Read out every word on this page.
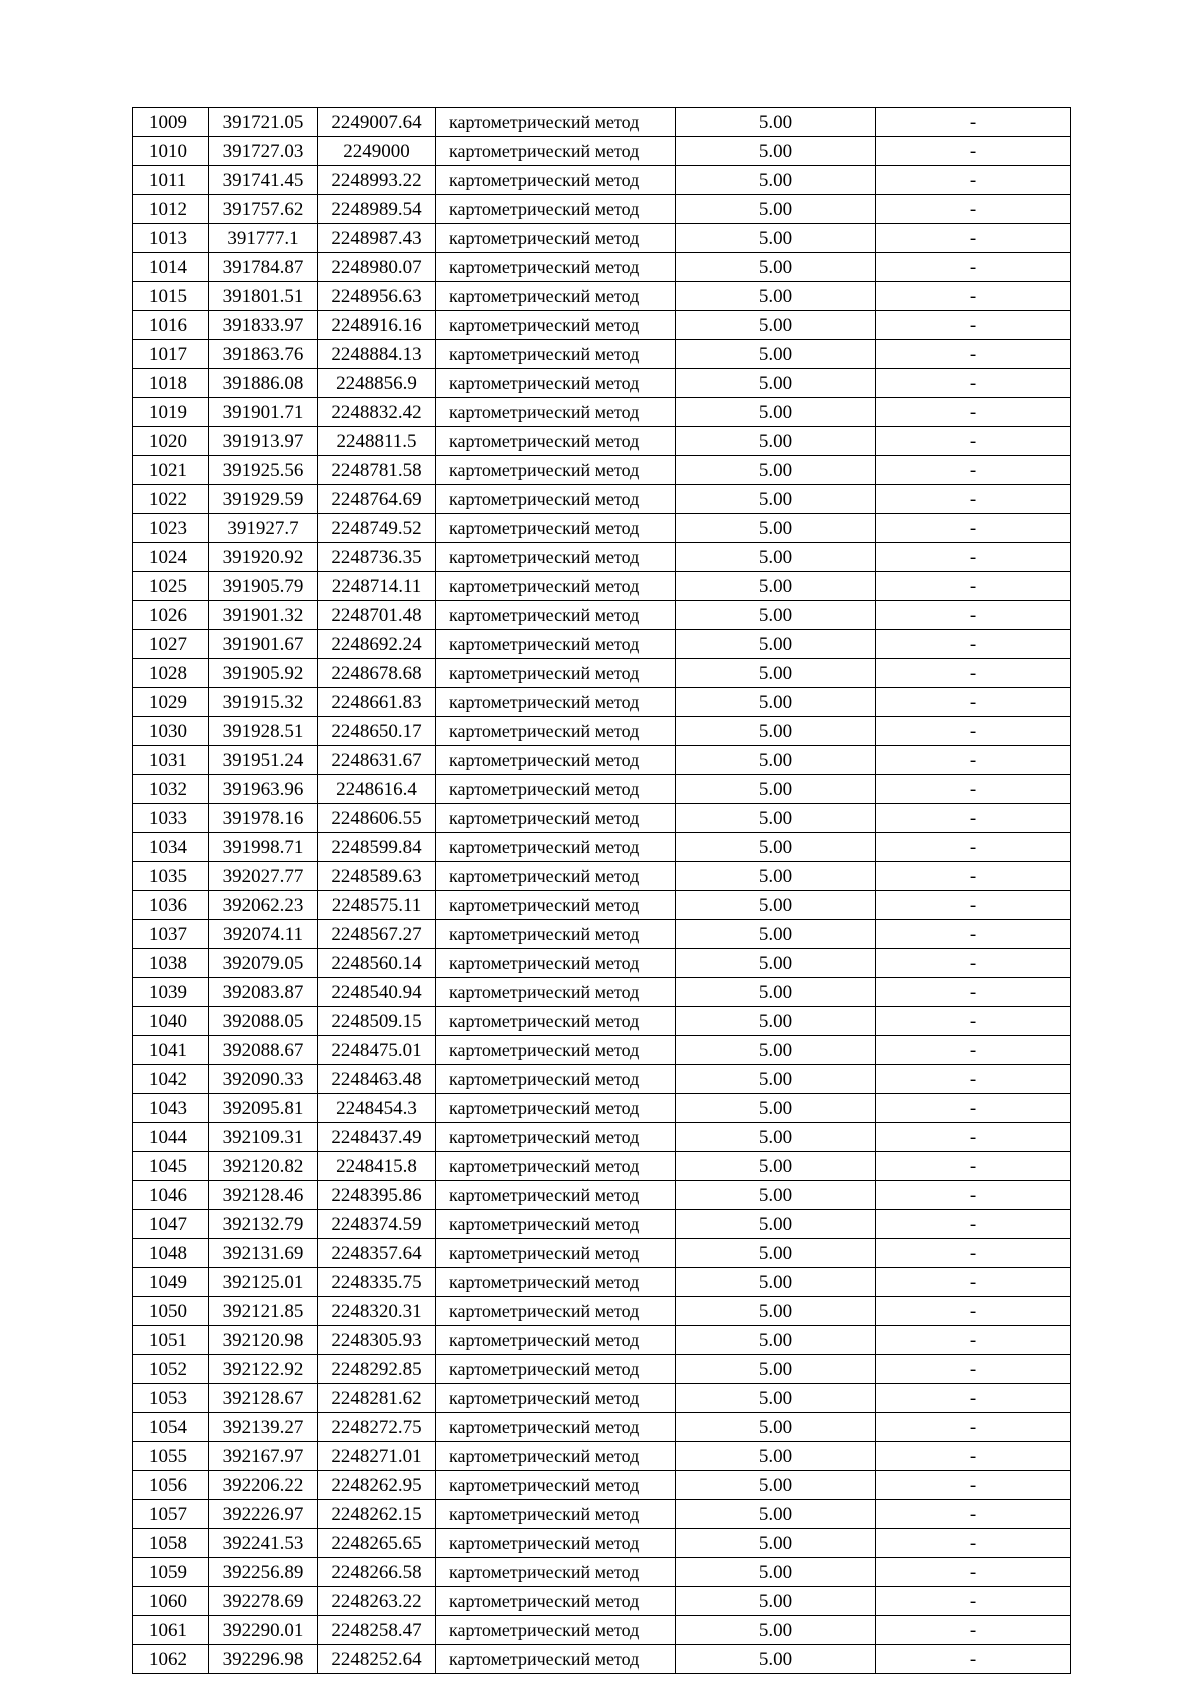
1009	391721.05	2249007.64	картометрический метод	5.00	-
1010	391727.03	2249000	картометрический метод	5.00	-
1011	391741.45	2248993.22	картометрический метод	5.00	-
1012	391757.62	2248989.54	картометрический метод	5.00	-
1013	391777.1	2248987.43	картометрический метод	5.00	-
1014	391784.87	2248980.07	картометрический метод	5.00	-
1015	391801.51	2248956.63	картометрический метод	5.00	-
1016	391833.97	2248916.16	картометрический метод	5.00	-
1017	391863.76	2248884.13	картометрический метод	5.00	-
1018	391886.08	2248856.9	картометрический метод	5.00	-
1019	391901.71	2248832.42	картометрический метод	5.00	-
1020	391913.97	2248811.5	картометрический метод	5.00	-
1021	391925.56	2248781.58	картометрический метод	5.00	-
1022	391929.59	2248764.69	картометрический метод	5.00	-
1023	391927.7	2248749.52	картометрический метод	5.00	-
1024	391920.92	2248736.35	картометрический метод	5.00	-
1025	391905.79	2248714.11	картометрический метод	5.00	-
1026	391901.32	2248701.48	картометрический метод	5.00	-
1027	391901.67	2248692.24	картометрический метод	5.00	-
1028	391905.92	2248678.68	картометрический метод	5.00	-
1029	391915.32	2248661.83	картометрический метод	5.00	-
1030	391928.51	2248650.17	картометрический метод	5.00	-
1031	391951.24	2248631.67	картометрический метод	5.00	-
1032	391963.96	2248616.4	картометрический метод	5.00	-
1033	391978.16	2248606.55	картометрический метод	5.00	-
1034	391998.71	2248599.84	картометрический метод	5.00	-
1035	392027.77	2248589.63	картометрический метод	5.00	-
1036	392062.23	2248575.11	картометрический метод	5.00	-
1037	392074.11	2248567.27	картометрический метод	5.00	-
1038	392079.05	2248560.14	картометрический метод	5.00	-
1039	392083.87	2248540.94	картометрический метод	5.00	-
1040	392088.05	2248509.15	картометрический метод	5.00	-
1041	392088.67	2248475.01	картометрический метод	5.00	-
1042	392090.33	2248463.48	картометрический метод	5.00	-
1043	392095.81	2248454.3	картометрический метод	5.00	-
1044	392109.31	2248437.49	картометрический метод	5.00	-
1045	392120.82	2248415.8	картометрический метод	5.00	-
1046	392128.46	2248395.86	картометрический метод	5.00	-
1047	392132.79	2248374.59	картометрический метод	5.00	-
1048	392131.69	2248357.64	картометрический метод	5.00	-
1049	392125.01	2248335.75	картометрический метод	5.00	-
1050	392121.85	2248320.31	картометрический метод	5.00	-
1051	392120.98	2248305.93	картометрический метод	5.00	-
1052	392122.92	2248292.85	картометрический метод	5.00	-
1053	392128.67	2248281.62	картометрический метод	5.00	-
1054	392139.27	2248272.75	картометрический метод	5.00	-
1055	392167.97	2248271.01	картометрический метод	5.00	-
1056	392206.22	2248262.95	картометрический метод	5.00	-
1057	392226.97	2248262.15	картометрический метод	5.00	-
1058	392241.53	2248265.65	картометрический метод	5.00	-
1059	392256.89	2248266.58	картометрический метод	5.00	-
1060	392278.69	2248263.22	картометрический метод	5.00	-
1061	392290.01	2248258.47	картометрический метод	5.00	-
1062	392296.98	2248252.64	картометрический метод	5.00	-
